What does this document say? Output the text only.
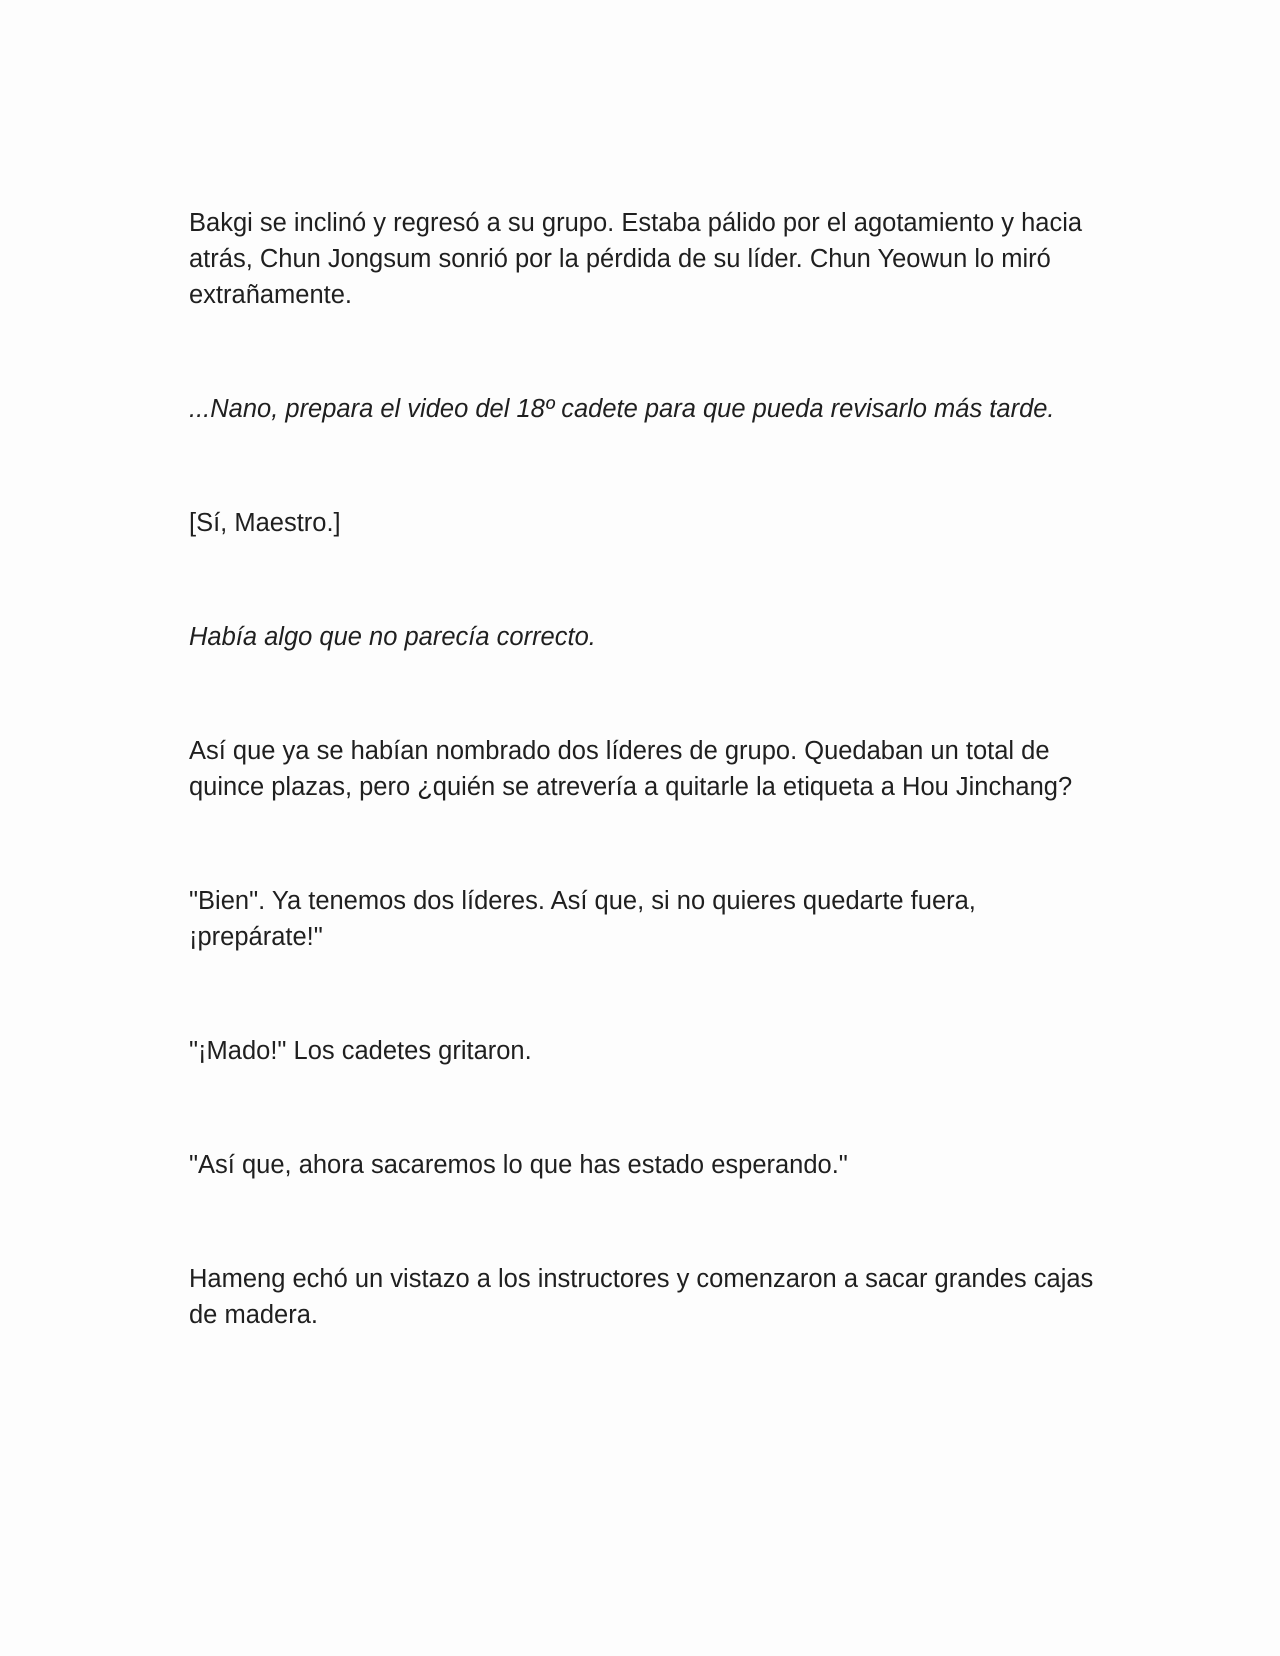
Bakgi se inclinó y regresó a su grupo. Estaba pálido por el agotamiento y hacia atrás, Chun Jongsum sonrió por la pérdida de su líder. Chun Yeowun lo miró extrañamente.

...Nano, prepara el video del 18º cadete para que pueda revisarlo más tarde.

[Sí, Maestro.]

Había algo que no parecía correcto.

Así que ya se habían nombrado dos líderes de grupo. Quedaban un total de quince plazas, pero ¿quién se atrevería a quitarle la etiqueta a Hou Jinchang?

"Bien". Ya tenemos dos líderes. Así que, si no quieres quedarte fuera, ¡prepárate!"

"¡Mado!" Los cadetes gritaron.

"Así que, ahora sacaremos lo que has estado esperando."

Hameng echó un vistazo a los instructores y comenzaron a sacar grandes cajas de madera.
